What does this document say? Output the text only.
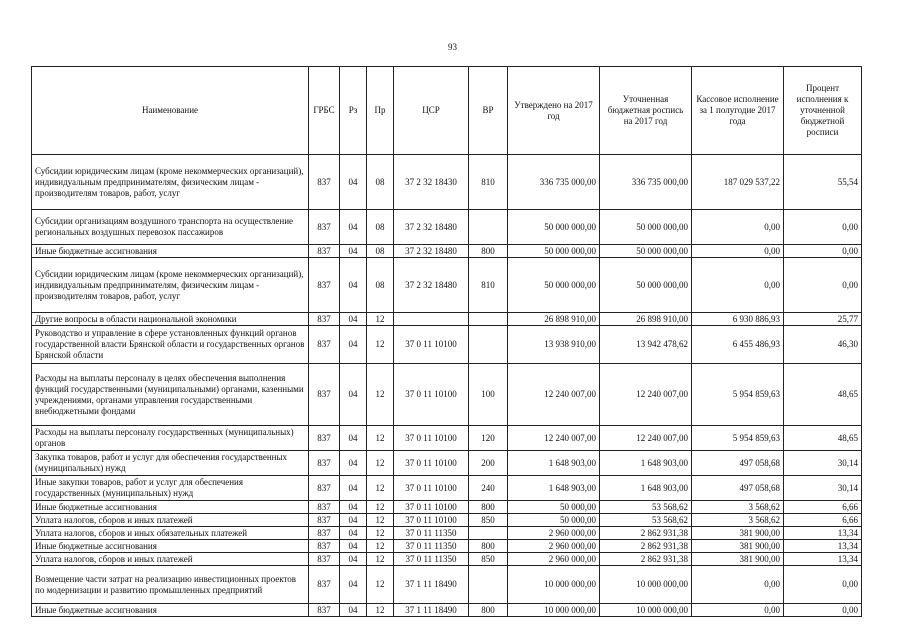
93
Наименование	ГРБС	Рз	Пр	ЦСР	ВР	Утверждено на 2017 год	Уточненная бюджетная роспись на 2017 год	Кассовое исполнение за 1 полугодие 2017 года	Процент исполнения к уточненной бюджетной росписи
Субсидии юридическим лицам (кроме некоммерческих организаций), индивидуальным предпринимателям, физическим лицам - производителям товаров, работ, услуг	837	04	08	37 2 32 18430	810	336 735 000,00	336 735 000,00	187 029 537,22	55,54
Субсидии организациям воздушного транспорта на осуществление региональных воздушных перевозок пассажиров	837	04	08	37 2 32 18480		50 000 000,00	50 000 000,00	0,00	0,00
Иные бюджетные ассигнования	837	04	08	37 2 32 18480	800	50 000 000,00	50 000 000,00	0,00	0,00
Субсидии юридическим лицам (кроме некоммерческих организаций), индивидуальным предпринимателям, физическим лицам - производителям товаров, работ, услуг	837	04	08	37 2 32 18480	810	50 000 000,00	50 000 000,00	0,00	0,00
Другие вопросы в области национальной экономики	837	04	12			26 898 910,00	26 898 910,00	6 930 886,93	25,77
Руководство и управление в сфере установленных функций органов государственной власти Брянской области и государственных органов Брянской области	837	04	12	37 0 11 10100		13 938 910,00	13 942 478,62	6 455 486,93	46,30
Расходы на выплаты персоналу в целях обеспечения выполнения функций государственными (муниципальными) органами, казенными учреждениями, органами управления государственными внебюджетными фондами	837	04	12	37 0 11 10100	100	12 240 007,00	12 240 007,00	5 954 859,63	48,65
Расходы на выплаты персоналу государственных (муниципальных) органов	837	04	12	37 0 11 10100	120	12 240 007,00	12 240 007,00	5 954 859,63	48,65
Закупка товаров, работ и услуг для обеспечения государственных (муниципальных) нужд	837	04	12	37 0 11 10100	200	1 648 903,00	1 648 903,00	497 058,68	30,14
Иные закупки товаров, работ и услуг для обеспечения государственных (муниципальных) нужд	837	04	12	37 0 11 10100	240	1 648 903,00	1 648 903,00	497 058,68	30,14
Иные бюджетные ассигнования	837	04	12	37 0 11 10100	800	50 000,00	53 568,62	3 568,62	6,66
Уплата налогов, сборов и иных платежей	837	04	12	37 0 11 10100	850	50 000,00	53 568,62	3 568,62	6,66
Уплата налогов, сборов и иных обязательных платежей	837	04	12	37 0 11 11350		2 960 000,00	2 862 931,38	381 900,00	13,34
Иные бюджетные ассигнования	837	04	12	37 0 11 11350	800	2 960 000,00	2 862 931,38	381 900,00	13,34
Уплата налогов, сборов и иных платежей	837	04	12	37 0 11 11350	850	2 960 000,00	2 862 931,38	381 900,00	13,34
Возмещение части затрат на реализацию инвестиционных проектов по модернизации и развитию промышленных предприятий	837	04	12	37 1 11 18490		10 000 000,00	10 000 000,00	0,00	0,00
Иные бюджетные ассигнования	837	04	12	37 1 11 18490	800	10 000 000,00	10 000 000,00	0,00	0,00
